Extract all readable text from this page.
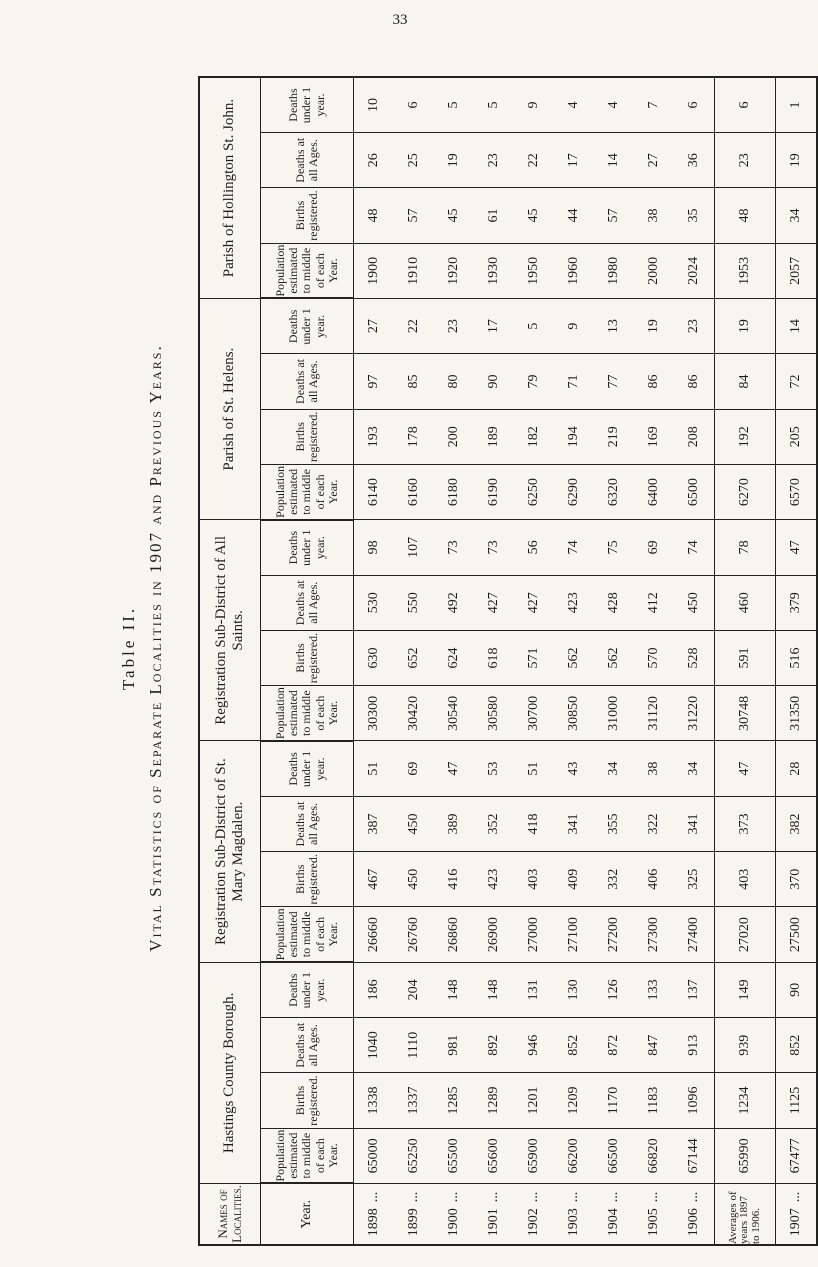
33
Table II. Vital Statistics of Separate Localities in 1907 and Previous Years.
Names of Localities.	Hastings County Borough.				Registration Sub-District of St. Mary Magdalen.				Registration Sub-District of All Saints.				Parish of St. Helens.				Parish of Hollington St. John.			
Year.	Population estimated to middle of each Year.	Births registered.	Deaths at all Ages.	Deaths under 1 year.	Population estimated to middle of each Year.	Births registered.	Deaths at all Ages.	Deaths under 1 year.	Population estimated to middle of each Year.	Births registered.	Deaths at all Ages.	Deaths under 1 year.	Population estimated to middle of each Year.	Births registered.	Deaths at all Ages.	Deaths under 1 year.	Population estimated to middle of each Year.	Births registered.	Deaths at all Ages.	Deaths under 1 year.
1898...	65000	1338	1040	186	26660	467	387	51	30300	630	530	98	6140	193	97	27	1900	48	26	10
1899...	65250	1337	1110	204	26760	450	450	69	30420	652	550	107	6160	178	85	22	1910	57	25	6
1900...	65500	1285	981	148	26860	416	389	47	30540	624	492	73	6180	200	80	23	1920	45	19	5
1901...	65600	1289	892	148	26900	423	352	53	30580	618	427	73	6190	189	90	17	1930	61	23	5
1902...	65900	1201	946	131	27000	403	418	51	30700	571	427	56	6250	182	79	5	1950	45	22	9
1903...	66200	1209	852	130	27100	409	341	43	30850	562	423	74	6290	194	71	9	1960	44	17	4
1904...	66500	1170	872	126	27200	332	355	34	31000	562	428	75	6320	219	77	13	1980	57	14	4
1905...	66820	1183	847	133	27300	406	322	38	31120	570	412	69	6400	169	86	19	2000	38	27	7
1906...	67144	1096	913	137	27400	325	341	34	31220	528	450	74	6500	208	86	23	2024	35	36	6

Averages of years 1897 to 1906.	65990	1234	939	149	27020	403	373	47	30748	591	460	78	6270	192	84	19	1953	48	23	6
1907...	67477	1125	852	90	27500	370	382	28	31350	516	379	47	6570	205	72	14	2057	34	19	1
